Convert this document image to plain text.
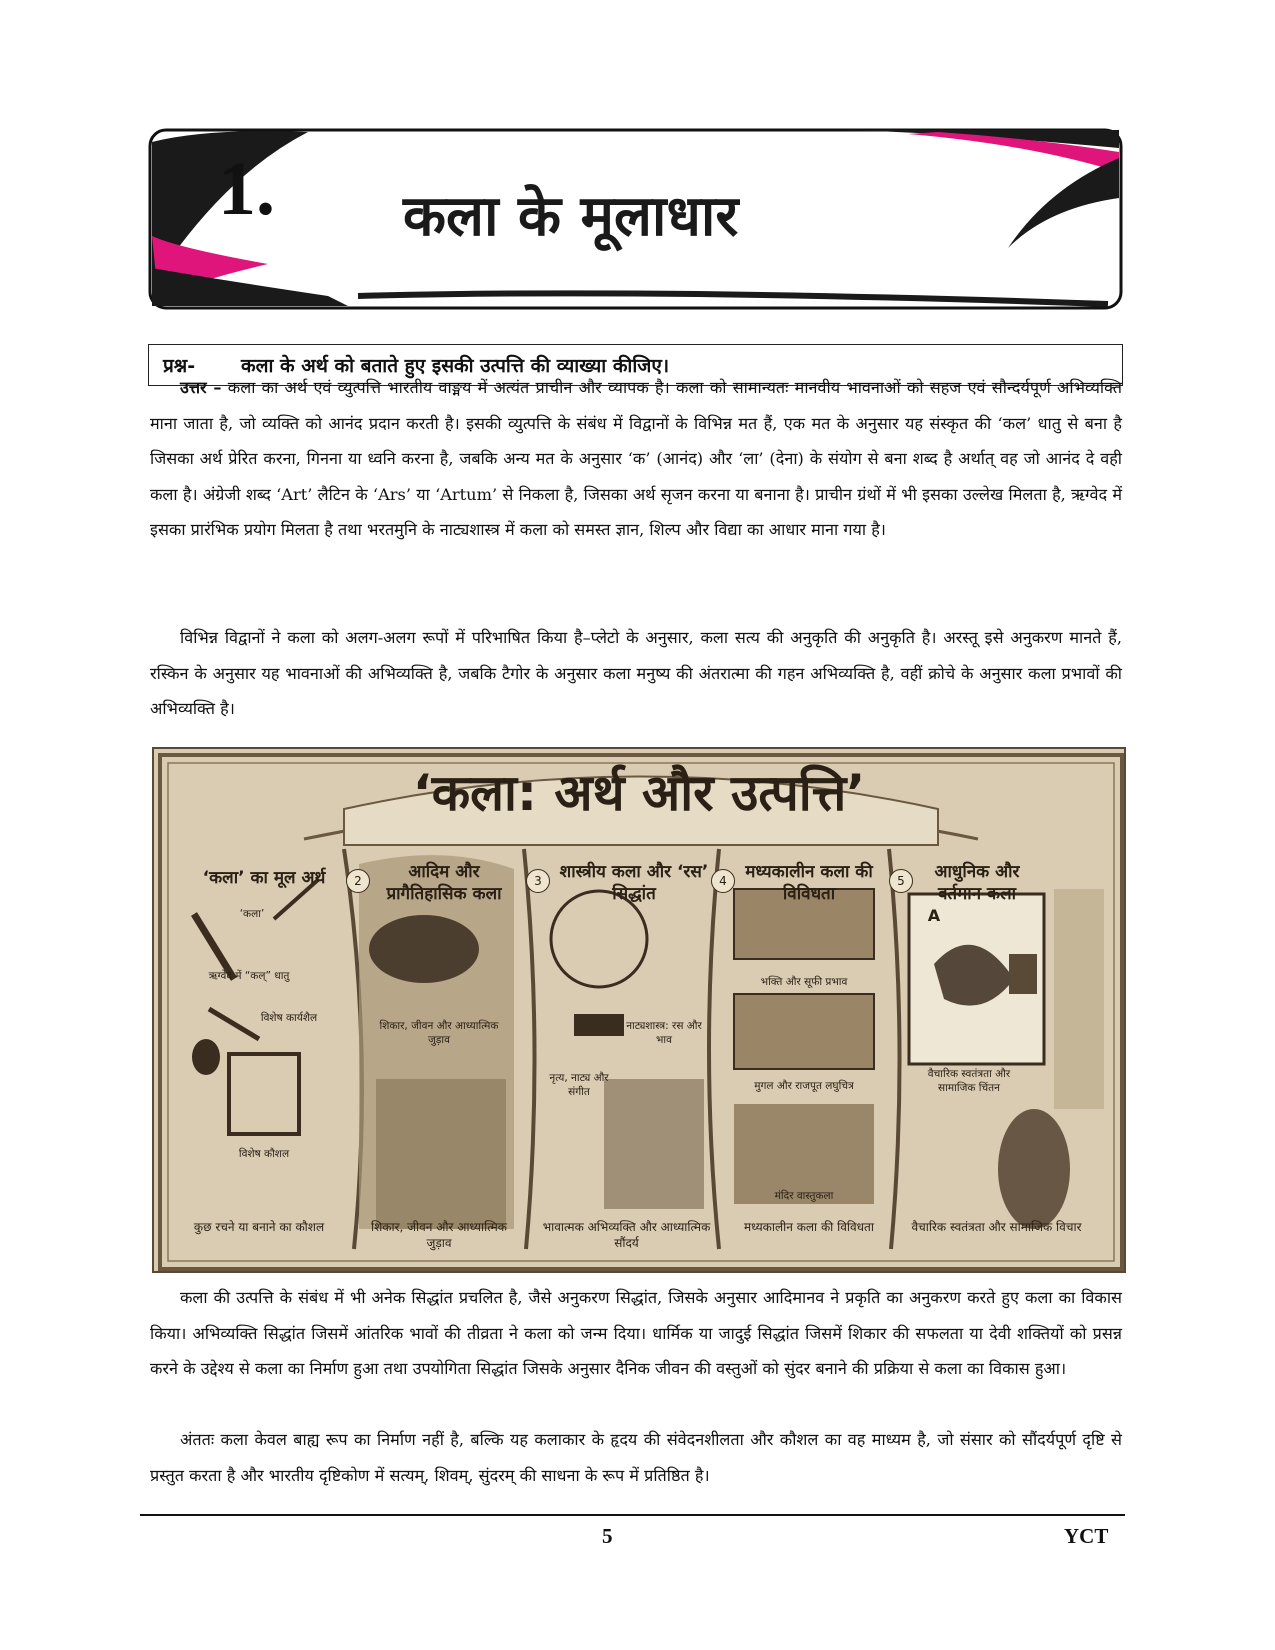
1. कला के मूलाधार
प्रश्न-	कला के अर्थ को बताते हुए इसकी उत्पत्ति की व्याख्या कीजिए।

उत्तर – कला का अर्थ एवं व्युत्पत्ति भारतीय वाङ्मय में अत्यंत प्राचीन और व्यापक है। कला को सामान्यतः मानवीय भावनाओं को सहज एवं सौन्दर्यपूर्ण अभिव्यक्ति माना जाता है, जो व्यक्ति को आनंद प्रदान करती है। इसकी व्युत्पत्ति के संबंध में विद्वानों के विभिन्न मत हैं, एक मत के अनुसार यह संस्कृत की ‘कल’ धातु से बना है जिसका अर्थ प्रेरित करना, गिनना या ध्वनि करना है, जबकि अन्य मत के अनुसार ‘क’ (आनंद) और ‘ला’ (देना) के संयोग से बना शब्द है अर्थात् वह जो आनंद दे वही कला है। अंग्रेजी शब्द ‘Art’ लैटिन के ‘Ars’ या ‘Artum’ से निकला है, जिसका अर्थ सृजन करना या बनाना है। प्राचीन ग्रंथों में भी इसका उल्लेख मिलता है, ऋग्वेद में इसका प्रारंभिक प्रयोग मिलता है तथा भरतमुनि के नाट्यशास्त्र में कला को समस्त ज्ञान, शिल्प और विद्या का आधार माना गया है।

विभिन्न विद्वानों ने कला को अलग-अलग रूपों में परिभाषित किया है–प्लेटो के अनुसार, कला सत्य की अनुकृति की अनुकृति है। अरस्तू इसे अनुकरण मानते हैं, रस्किन के अनुसार यह भावनाओं की अभिव्यक्ति है, जबकि टैगोर के अनुसार कला मनुष्य की अंतरात्मा की गहन अभिव्यक्ति है, वहीं क्रोचे के अनुसार कला प्रभावों की अभिव्यक्ति है।

‘कला: अर्थ और उत्पत्ति’
‘कला’ का मूल अर्थ	2	आदिम और प्रागैतिहासिक कला
3	शास्त्रीय कला और ‘रस’ सिद्धांत
4	मध्यकालीन कला की विविधता
5	आधुनिक और वर्तमान कला
‘कला’
ऋग्वेद में “कल्” धातु
विशेष कार्यशैल
विशेष कौशल
शिकार, जीवन और आध्यात्मिक जुड़ाव
नाट्यशास्त्र: रस और भाव
नृत्य, नाट्य और संगीत
भक्ति और सूफी प्रभाव
मुगल और राजपूत लघुचित्र
मंदिर वास्तुकला
वैचारिक स्वतंत्रता और सामाजिक चिंतन
A
कुछ रचने या बनाने का कौशल	शिकार, जीवन और आध्यात्मिक जुड़ाव
भावात्मक अभिव्यक्ति और आध्यात्मिक सौंदर्य
मध्यकालीन कला की विविधता	वैचारिक स्वतंत्रता और सामाजिक विचार

कला की उत्पत्ति के संबंध में भी अनेक सिद्धांत प्रचलित है, जैसे अनुकरण सिद्धांत, जिसके अनुसार आदिमानव ने प्रकृति का अनुकरण करते हुए कला का विकास किया। अभिव्यक्ति सिद्धांत जिसमें आंतरिक भावों की तीव्रता ने कला को जन्म दिया। धार्मिक या जादुई सिद्धांत जिसमें शिकार की सफलता या देवी शक्तियों को प्रसन्न करने के उद्देश्य से कला का निर्माण हुआ तथा उपयोगिता सिद्धांत जिसके अनुसार दैनिक जीवन की वस्तुओं को सुंदर बनाने की प्रक्रिया से कला का विकास हुआ।

अंततः कला केवल बाह्य रूप का निर्माण नहीं है, बल्कि यह कलाकार के हृदय की संवेदनशीलता और कौशल का वह माध्यम है, जो संसार को सौंदर्यपूर्ण दृष्टि से प्रस्तुत करता है और भारतीय दृष्टिकोण में सत्यम्, शिवम्, सुंदरम् की साधना के रूप में प्रतिष्ठित है।

5	YCT
